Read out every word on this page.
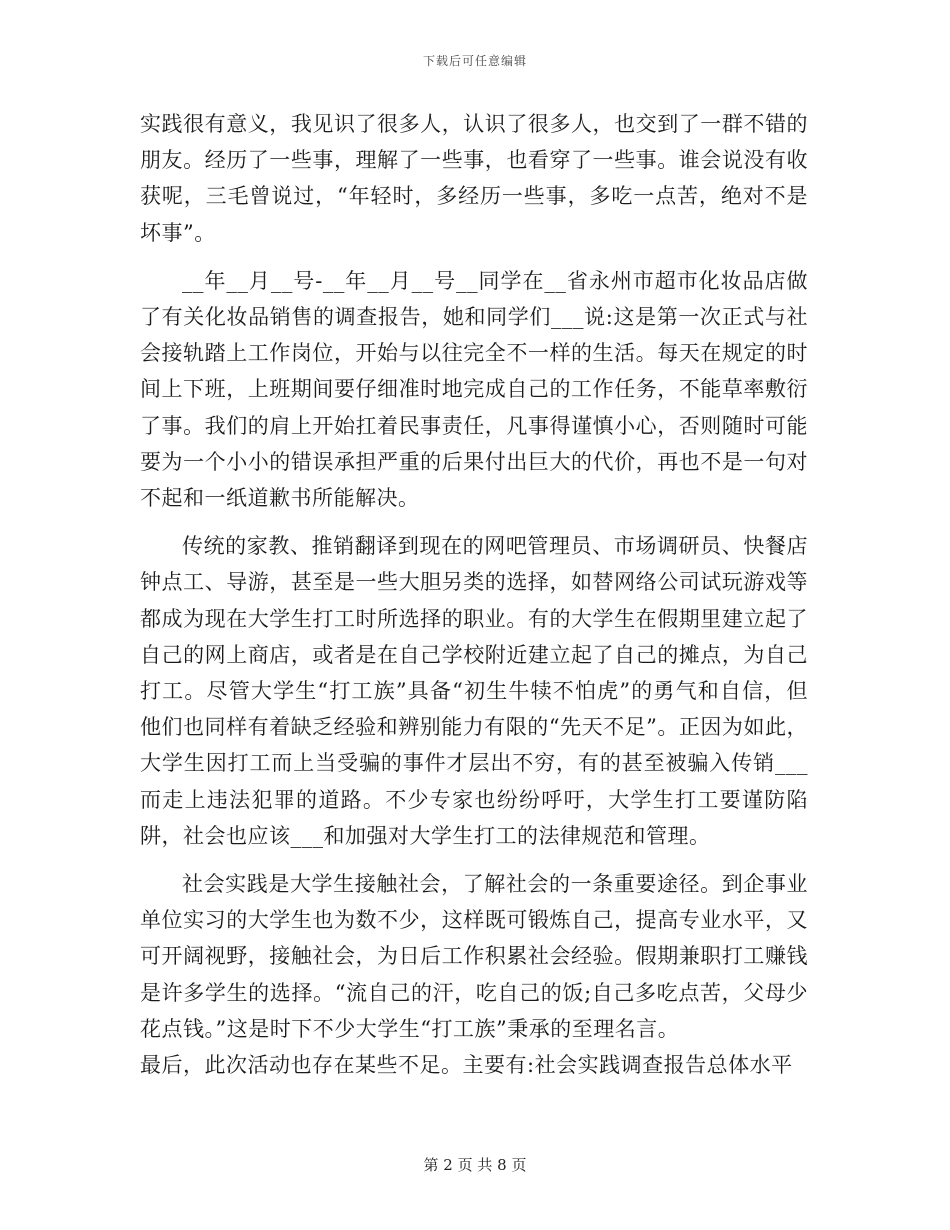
下载后可任意编辑

实践很有意义，我见识了很多人，认识了很多人，也交到了一群不错的朋友。经历了一些事，理解了一些事，也看穿了一些事。谁会说没有收获呢，三毛曾说过，“年轻时，多经历一些事，多吃一点苦，绝对不是坏事”。

__年__月__号-__年__月__号__同学在__省永州市超市化妆品店做了有关化妆品销售的调查报告，她和同学们___说:这是第一次正式与社会接轨踏上工作岗位，开始与以往完全不一样的生活。每天在规定的时间上下班，上班期间要仔细准时地完成自己的工作任务，不能草率敷衍了事。我们的肩上开始扛着民事责任，凡事得谨慎小心，否则随时可能要为一个小小的错误承担严重的后果付出巨大的代价，再也不是一句对不起和一纸道歉书所能解决。

传统的家教、推销翻译到现在的网吧管理员、市场调研员、快餐店钟点工、导游，甚至是一些大胆另类的选择，如替网络公司试玩游戏等都成为现在大学生打工时所选择的职业。有的大学生在假期里建立起了自己的网上商店，或者是在自己学校附近建立起了自己的摊点，为自己打工。尽管大学生“打工族”具备“初生牛犊不怕虎”的勇气和自信，但他们也同样有着缺乏经验和辨别能力有限的“先天不足”。正因为如此，大学生因打工而上当受骗的事件才层出不穷，有的甚至被骗入传销___而走上违法犯罪的道路。不少专家也纷纷呼吁，大学生打工要谨防陷阱，社会也应该___和加强对大学生打工的法律规范和管理。

社会实践是大学生接触社会，了解社会的一条重要途径。到企事业单位实习的大学生也为数不少，这样既可锻炼自己，提高专业水平，又可开阔视野，接触社会，为日后工作积累社会经验。假期兼职打工赚钱是许多学生的选择。“流自己的汗，吃自己的饭;自己多吃点苦，父母少花点钱。”这是时下不少大学生“打工族”秉承的至理名言。

最后，此次活动也存在某些不足。主要有:社会实践调查报告总体水平

第 2 页 共 8 页
